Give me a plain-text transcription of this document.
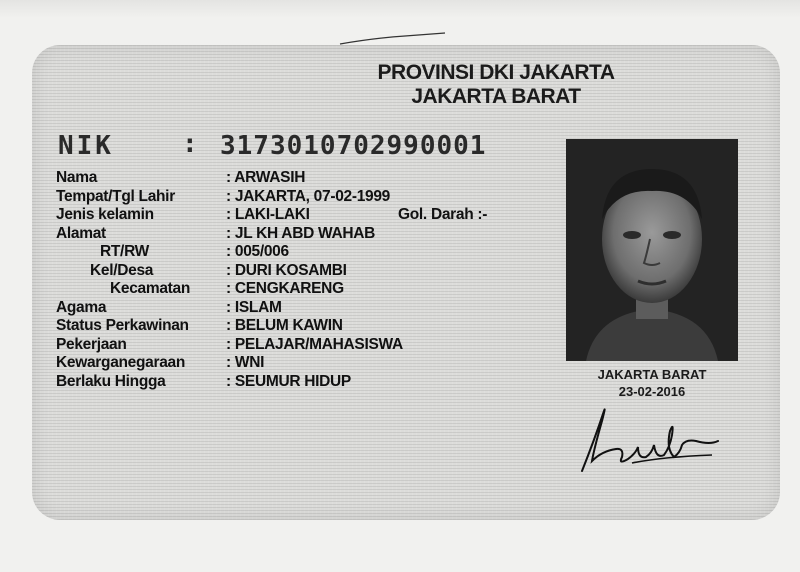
PROVINSI DKI JAKARTA
JAKARTA BARAT
NIK	: 3173010702990001
Nama	: ARWASIH
Tempat/Tgl Lahir	: JAKARTA, 07-02-1999
Jenis kelamin	: LAKI-LAKI	Gol. Darah :-
Alamat	: JL KH ABD WAHAB
RT/RW	: 005/006
Kel/Desa	: DURI KOSAMBI
Kecamatan : CENGKARENG
Agama	: ISLAM
Status Perkawinan : BELUM KAWIN
Pekerjaan	: PELAJAR/MAHASISWA
Kewarganegaraan	: WNI
Berlaku Hingga	: SEUMUR HIDUP	JAKARTA BARAT
23-02-2016
